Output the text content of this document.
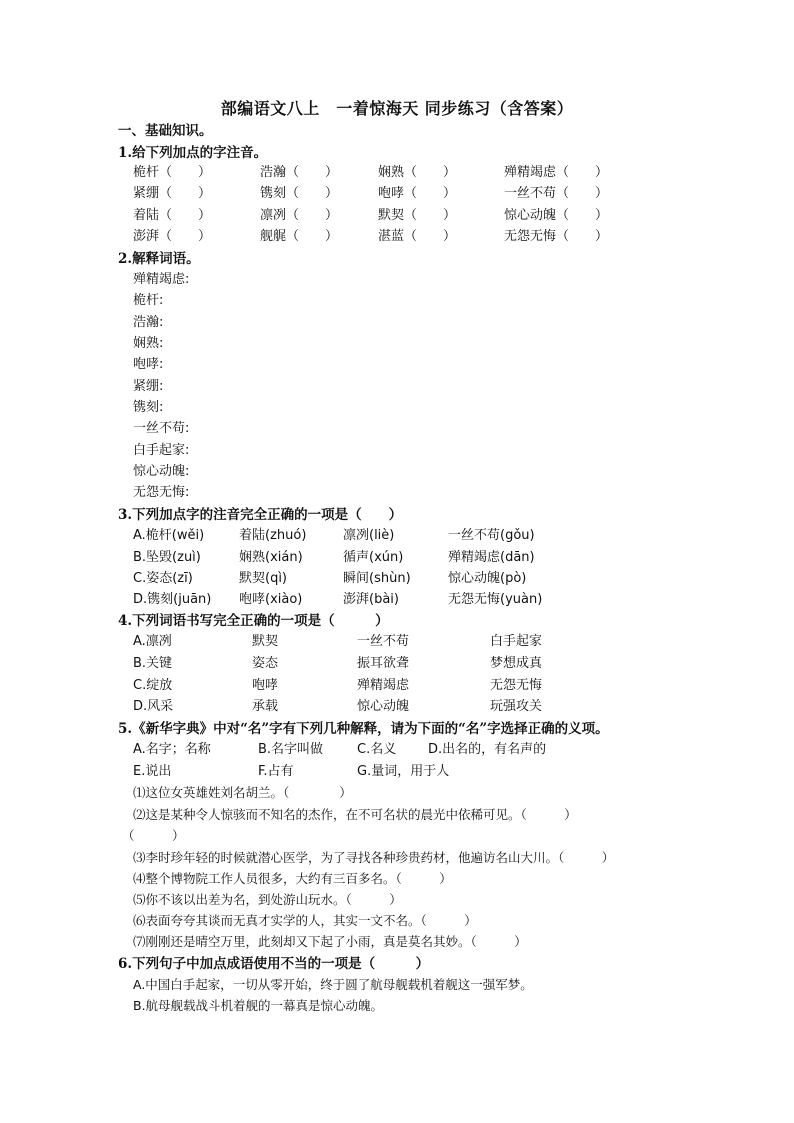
部编语文八上　一着惊海天 同步练习（含答案）
一、基础知识。
1.给下列加点的字注音。
桅杆（　　）	浩瀚（　　）	娴熟（　　）	殚精竭虑（　　）
紧绷（　　）	镌刻（　　）	咆哮（　　）	一丝不苟（　　）
着陆（　　）	凛冽（　　）	默契（　　）	惊心动魄（　　）
澎湃（　　）	舰艉（　　）	湛蓝（　　）	无怨无悔（　　）
2.解释词语。
殚精竭虑:
桅杆:
浩瀚:
娴熟:
咆哮:
紧绷:
镌刻:
一丝不苟:
白手起家:
惊心动魄:
无怨无悔:
3.下列加点字的注音完全正确的一项是（　　）
A.桅杆(wěi)	着陆(zhuó)	凛冽(liè)	一丝不苟(gǒu)
B.坠毁(zuì)	娴熟(xián)	循声(xún)	殚精竭虑(dān)
C.姿态(zī)	默契(qì)	瞬间(shùn)	惊心动魄(pò)
D.镌刻(juān) 咆哮(xiào)	澎湃(bài)	无怨无悔(yuàn)
4.下列词语书写完全正确的一项是（　　　）
A.凛冽	默契	一丝不苟	白手起家
B.关键	姿态	振耳欲聋	梦想成真
C.绽放	咆哮	殚精竭虑	无怨无悔
D.风采	承载	惊心动魄	玩强攻关
5.《新华字典》中对“名”字有下列几种解释，请为下面的“名”字选择正确的义项。
A.名字；名称	B.名字叫做	C.名义 D.出名的，有名声的
E.说出	F.占有	G.量词，用于人
⑴这位女英雄姓刘名胡兰。（　　　　）
⑵这是某种令人惊骇而不知名的杰作，在不可名状的晨光中依稀可见。（　　　）
（　　　）
⑶李时珍年轻的时候就潜心医学，为了寻找各种珍贵药材，他遍访名山大川。（　　　）
⑷整个博物院工作人员很多，大约有三百多名。（　　　）
⑸你不该以出差为名，到处游山玩水。（　　　）
⑹表面夸夸其谈而无真才实学的人，其实一文不名。（　　　）
⑺刚刚还是晴空万里，此刻却又下起了小雨，真是莫名其妙。（　　　）
6.下列句子中加点成语使用不当的一项是（　　　）
A.中国白手起家，一切从零开始，终于圆了航母舰载机着舰这一强军梦。
B.航母舰载战斗机着舰的一幕真是惊心动魄。
